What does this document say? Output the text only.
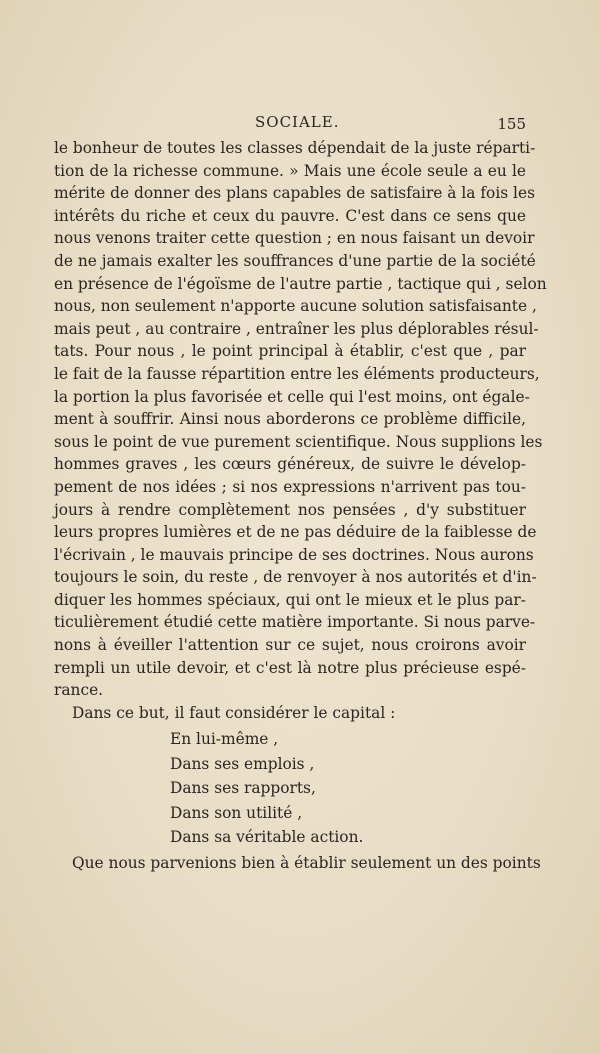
SOCIALE.	155
le bonheur de toutes les classes dépendait de la juste réparti-
tion de la richesse commune. » Mais une école seule a eu le
mérite de donner des plans capables de satisfaire à la fois les
intérêts du riche et ceux du pauvre. C'est dans ce sens que
nous venons traiter cette question ; en nous faisant un devoir
de ne jamais exalter les souffrances d'une partie de la société
en présence de l'égoïsme de l'autre partie , tactique qui , selon
nous, non seulement n'apporte aucune solution satisfaisante ,
mais peut , au contraire , entraîner les plus déplorables résul-
tats. Pour nous , le point principal à établir, c'est que , par
le fait de la fausse répartition entre les éléments producteurs,
la portion la plus favorisée et celle qui l'est moins, ont égale-
ment à souffrir. Ainsi nous aborderons ce problème difficile,
sous le point de vue purement scientifique. Nous supplions les
hommes graves , les cœurs généreux, de suivre le dévelop-
pement de nos idées ; si nos expressions n'arrivent pas tou-
jours à rendre complètement nos pensées , d'y substituer
leurs propres lumières et de ne pas déduire de la faiblesse de
l'écrivain , le mauvais principe de ses doctrines. Nous aurons
toujours le soin, du reste , de renvoyer à nos autorités et d'in-
diquer les hommes spéciaux, qui ont le mieux et le plus par-
ticulièrement étudié cette matière importante. Si nous parve-
nons à éveiller l'attention sur ce sujet, nous croirons avoir
rempli un utile devoir, et c'est là notre plus précieuse espé-
rance.
Dans ce but, il faut considérer le capital :
En lui-même ,
Dans ses emplois ,
Dans ses rapports,
Dans son utilité ,
Dans sa véritable action.
Que nous parvenions bien à établir seulement un des points
